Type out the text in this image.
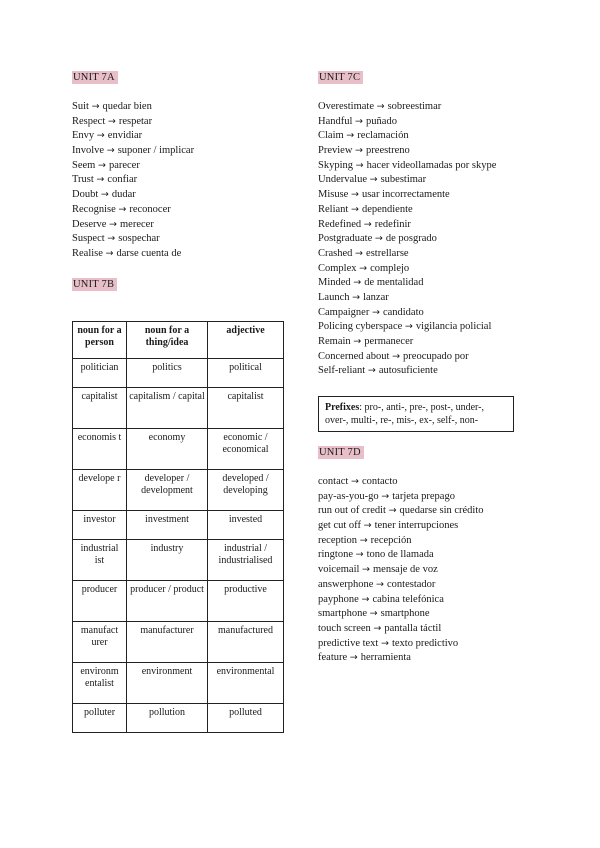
UNIT 7A
Suit → quedar bien
Respect → respetar
Envy → envidiar
Involve → suponer / implicar
Seem → parecer
Trust → confiar
Doubt → dudar
Recognise → reconocer
Deserve → merecer
Suspect → sospechar
Realise → darse cuenta de
UNIT 7B
noun for a person	noun for a thing/idea	adjective
politician	politics	political
capitalist	capitalism / capital	capitalist
economis t	economy	economic / economical
develope r	developer / development	developed / developing
investor	investment	invested
industrial ist	industry	industrial / industrialised
producer	producer / product	productive
manufact urer	manufacturer	manufactured
environm entalist	environment	environmental
polluter	pollution	polluted
UNIT 7C
Overestimate → sobreestimar
Handful → puñado
Claim → reclamación
Preview → preestreno
Skyping → hacer videollamadas por skype
Undervalue → subestimar
Misuse → usar incorrectamente
Reliant → dependiente
Redefined → redefinir
Postgraduate → de posgrado
Crashed → estrellarse
Complex → complejo
Minded → de mentalidad
Launch → lanzar
Campaigner → candidato
Policing cyberspace → vigilancia policial
Remain → permanecer
Concerned about → preocupado por
Self-reliant → autosuficiente
Prefixes: pro-, anti-, pre-, post-, under-, over-, multi-, re-, mis-, ex-, self-, non-
UNIT 7D
contact → contacto
pay-as-you-go → tarjeta prepago
run out of credit → quedarse sin crédito
get cut off → tener interrupciones
reception → recepción
ringtone → tono de llamada
voicemail → mensaje de voz
answerphone → contestador
payphone → cabina telefónica
smartphone → smartphone
touch screen → pantalla táctil
predictive text → texto predictivo
feature → herramienta
